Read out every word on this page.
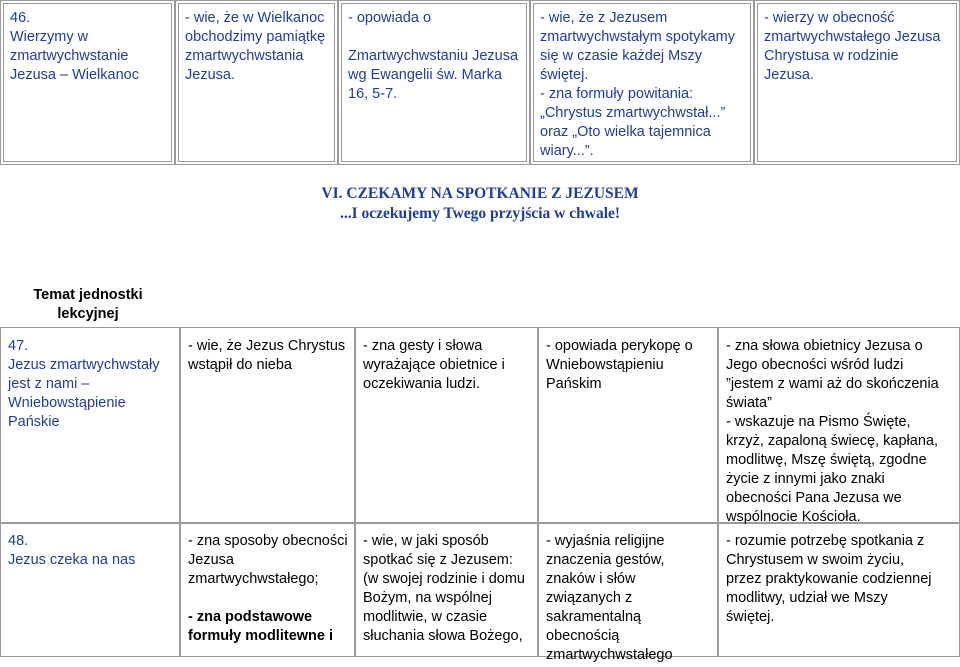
46.
Wierzymy w
zmartwychwstanie
Jezusa – Wielkanoc
- wie, że w Wielkanoc
obchodzimy pamiątkę
zmartwychwstania
Jezusa.
- opowiada o
Zmartwychwstaniu Jezusa
wg Ewangelii św. Marka
16, 5-7.
- wie, że z Jezusem
zmartwychwstałym spotykamy
się w czasie każdej Mszy
świętej.
- zna formuły powitania:
„Chrystus zmartwychwstał...”
oraz „Oto wielka tajemnica
wiary...”.
- wierzy w obecność
zmartwychwstałego Jezusa
Chrystusa w rodzinie
Jezusa.
VI. CZEKAMY NA SPOTKANIE Z JEZUSEM
...I oczekujemy Twego przyjścia w chwale!
Temat jednostki
lekcyjnej
47.
Jezus zmartwychwstały
jest z nami –
Wniebowstąpienie
Pańskie
- wie, że Jezus Chrystus
wstąpił do nieba
- zna gesty i słowa
wyrażające obietnice i
oczekiwania ludzi.
- opowiada perykopę o
Wniebowstąpieniu
Pańskim
- zna słowa obietnicy Jezusa o
Jego obecności wśród ludzi
”jestem z wami aż do skończenia
świata”
- wskazuje na Pismo Święte,
krzyż, zapaloną świecę, kapłana,
modlitwę, Mszę świętą, zgodne
życie z innymi jako znaki
obecności Pana Jezusa we
wspólnocie Kościoła.
48.
Jezus czeka na nas
- zna sposoby obecności
Jezusa
zmartwychwstałego;
- zna podstawowe
formuły modlitewne i
- wie, w jaki sposób
spotkać się z Jezusem:
(w swojej rodzinie i domu
Bożym, na wspólnej
modlitwie, w czasie
słuchania słowa Bożego,
- wyjaśnia religijne
znaczenia gestów,
znaków i słów
związanych z
sakramentalną obecnością
zmartwychwstałego
- rozumie potrzebę spotkania z
Chrystusem w swoim życiu,
przez praktykowanie codziennej
modlitwy, udział we Mszy
świętej.
